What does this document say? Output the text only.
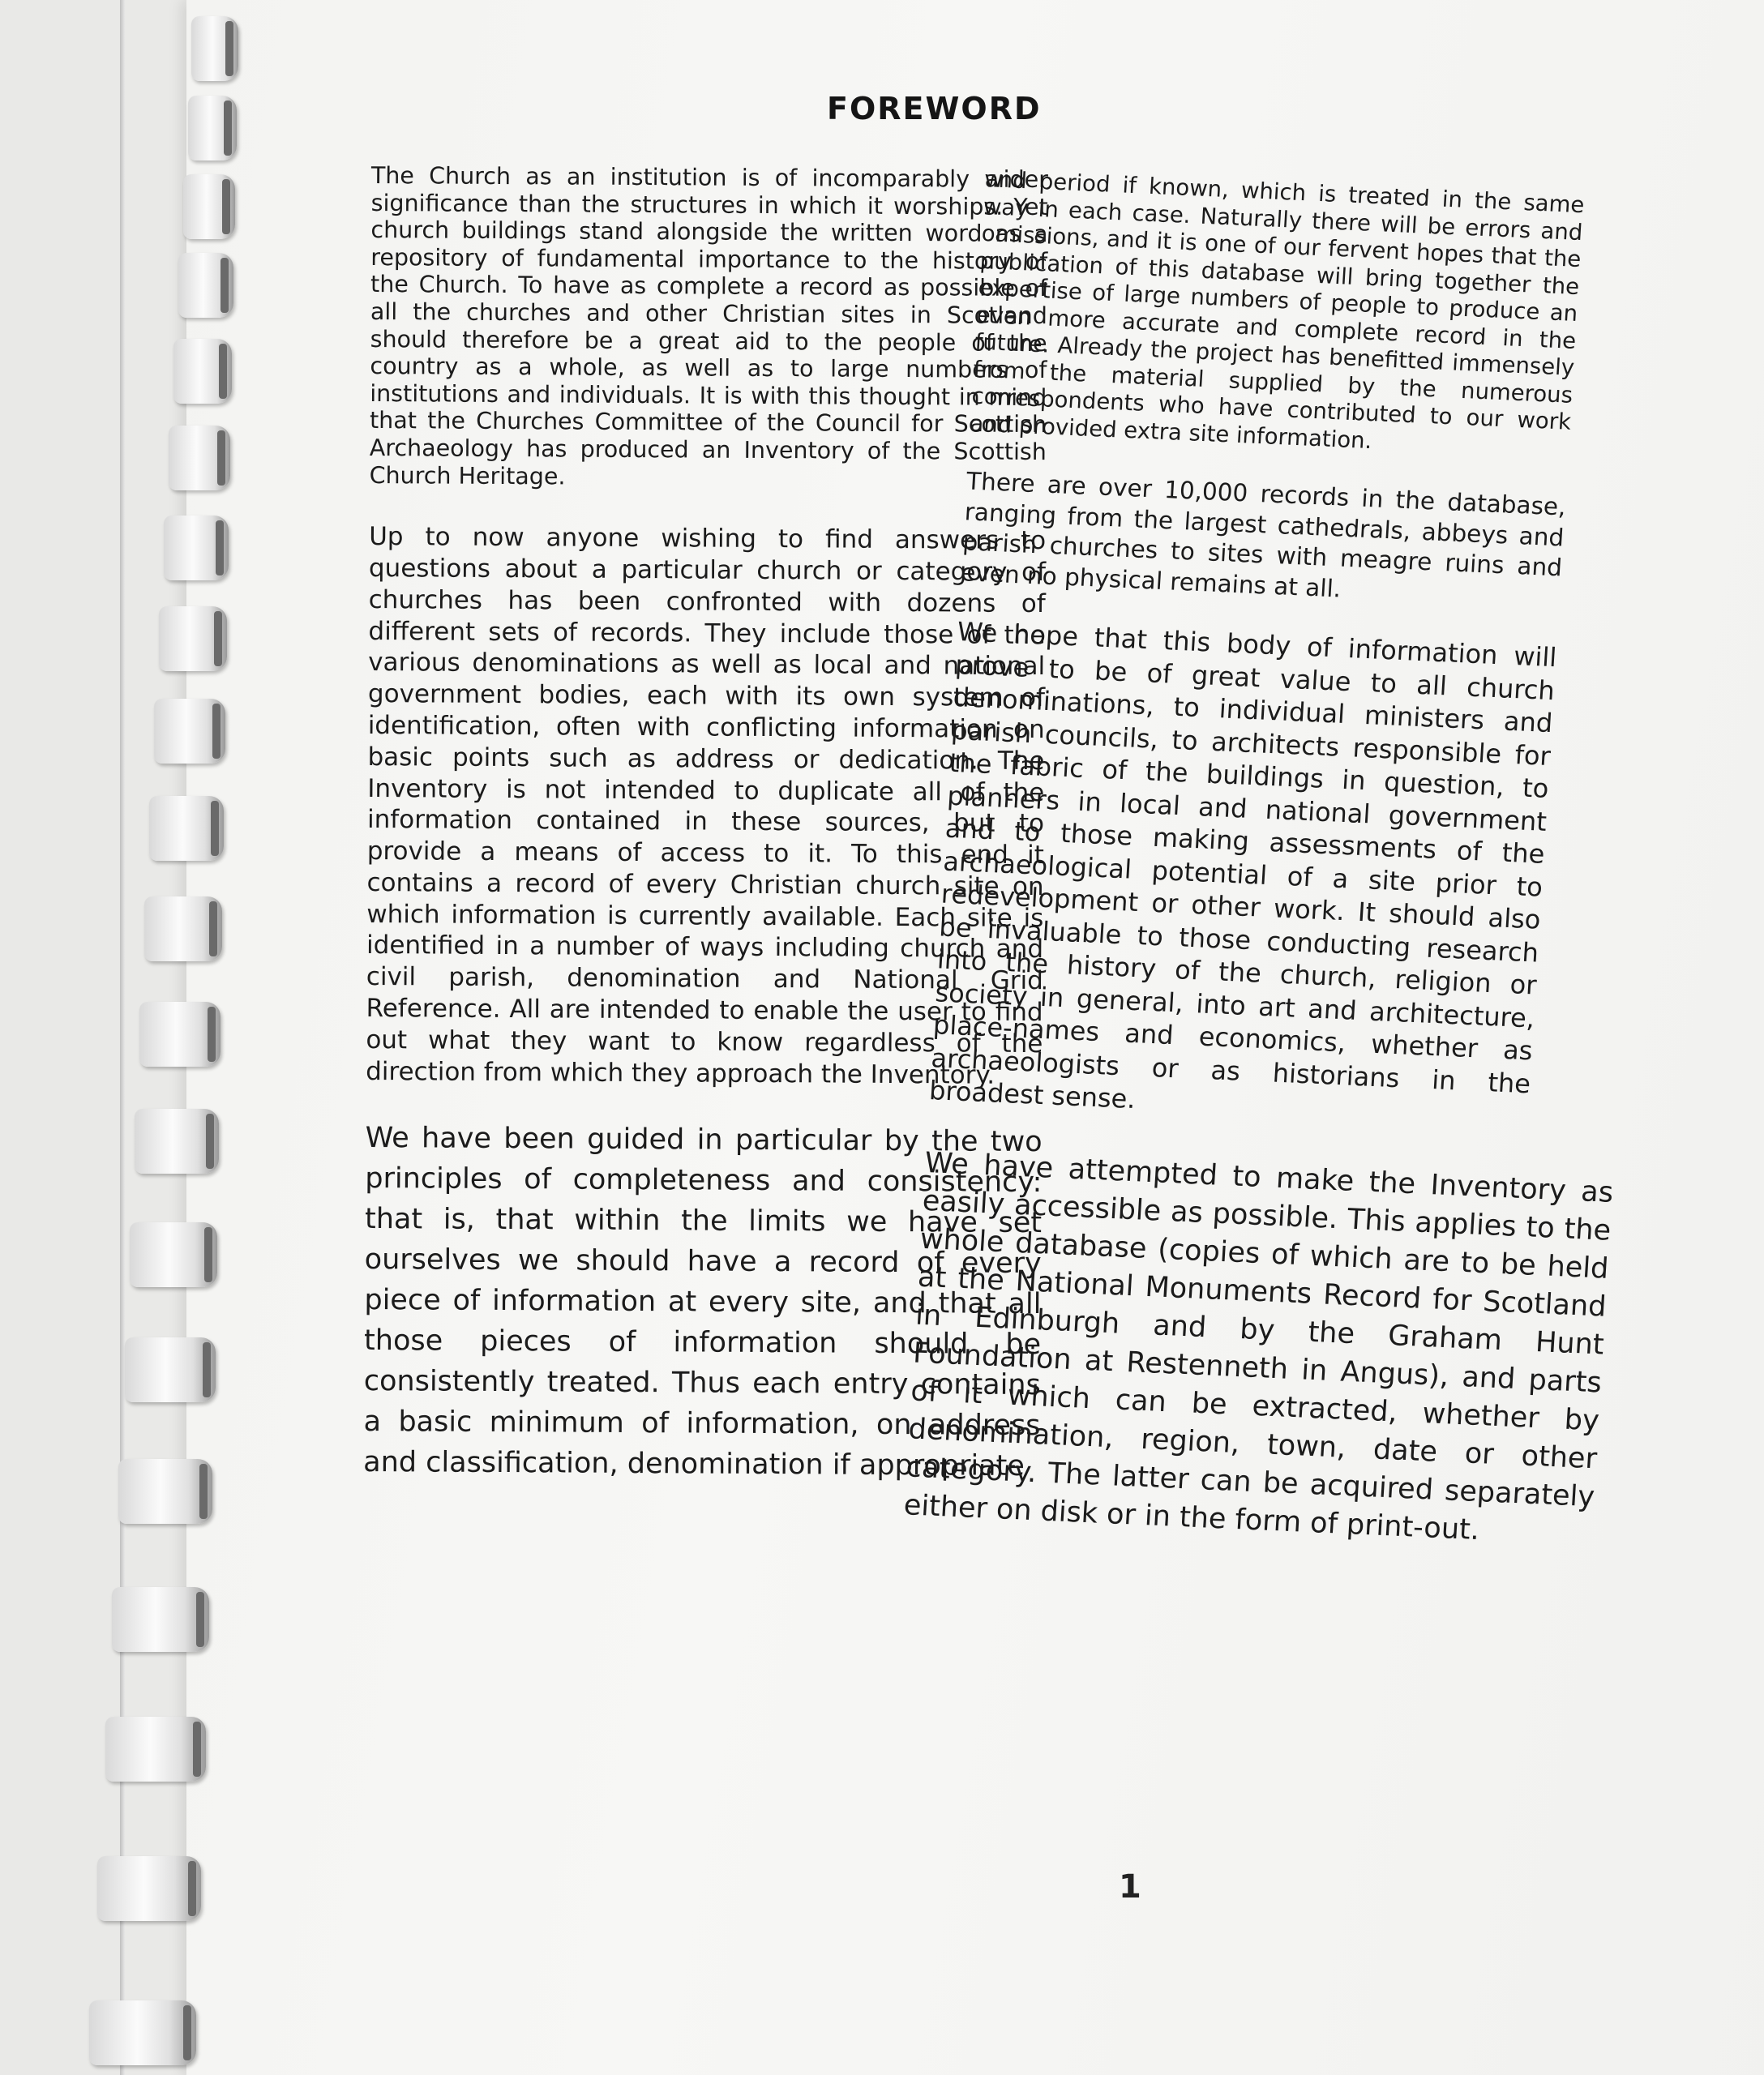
FOREWORD

The Church as an institution is of incomparably wider significance than the structures in which it worships. Yet church buildings stand alongside the written word as a repository of fundamental importance to the history of the Church. To have as complete a record as possible of all the churches and other Christian sites in Scotland should therefore be a great aid to the people of the country as a whole, as well as to large numbers of institutions and individuals. It is with this thought in mind that the Churches Committee of the Council for Scottish Archaeology has produced an Inventory of the Scottish Church Heritage.

Up to now anyone wishing to find answers to questions about a particular church or category of churches has been confronted with dozens of different sets of records. They include those of the various denominations as well as local and national government bodies, each with its own system of identification, often with conflicting information on basic points such as address or dedication. The Inventory is not intended to duplicate all of the information contained in these sources, but to provide a means of access to it. To this end it contains a record of every Christian church site on which information is currently available. Each site is identified in a number of ways including church and civil parish, denomination and National Grid Reference. All are intended to enable the user to find out what they want to know regardless of the direction from which they approach the Inventory.

We have been guided in particular by the two principles of completeness and consistency: that is, that within the limits we have set ourselves we should have a record of every piece of information at every site, and that all those pieces of information should be consistently treated. Thus each entry contains a basic minimum of information, on address and classification, denomination if appropriate

and period if known, which is treated in the same way in each case. Naturally there will be errors and omissions, and it is one of our fervent hopes that the publication of this database will bring together the expertise of large numbers of people to produce an even more accurate and complete record in the future. Already the project has benefitted immensely from the material supplied by the numerous correspondents who have contributed to our work and provided extra site information.

There are over 10,000 records in the database, ranging from the largest cathedrals, abbeys and parish churches to sites with meagre ruins and even no physical remains at all.

We hope that this body of information will prove to be of great value to all church denominations, to individual ministers and parish councils, to architects responsible for the fabric of the buildings in question, to planners in local and national government and to those making assessments of the archaeological potential of a site prior to redevelopment or other work. It should also be invaluable to those conducting research into the history of the church, religion or society in general, into art and architecture, place-names and economics, whether as archaeologists or as historians in the broadest sense.

We have attempted to make the Inventory as easily accessible as possible. This applies to the whole database (copies of which are to be held at the National Monuments Record for Scotland in Edinburgh and by the Graham Hunt Foundation at Restenneth in Angus), and parts of it which can be extracted, whether by denomination, region, town, date or other category. The latter can be acquired separately either on disk or in the form of print-out.

1
